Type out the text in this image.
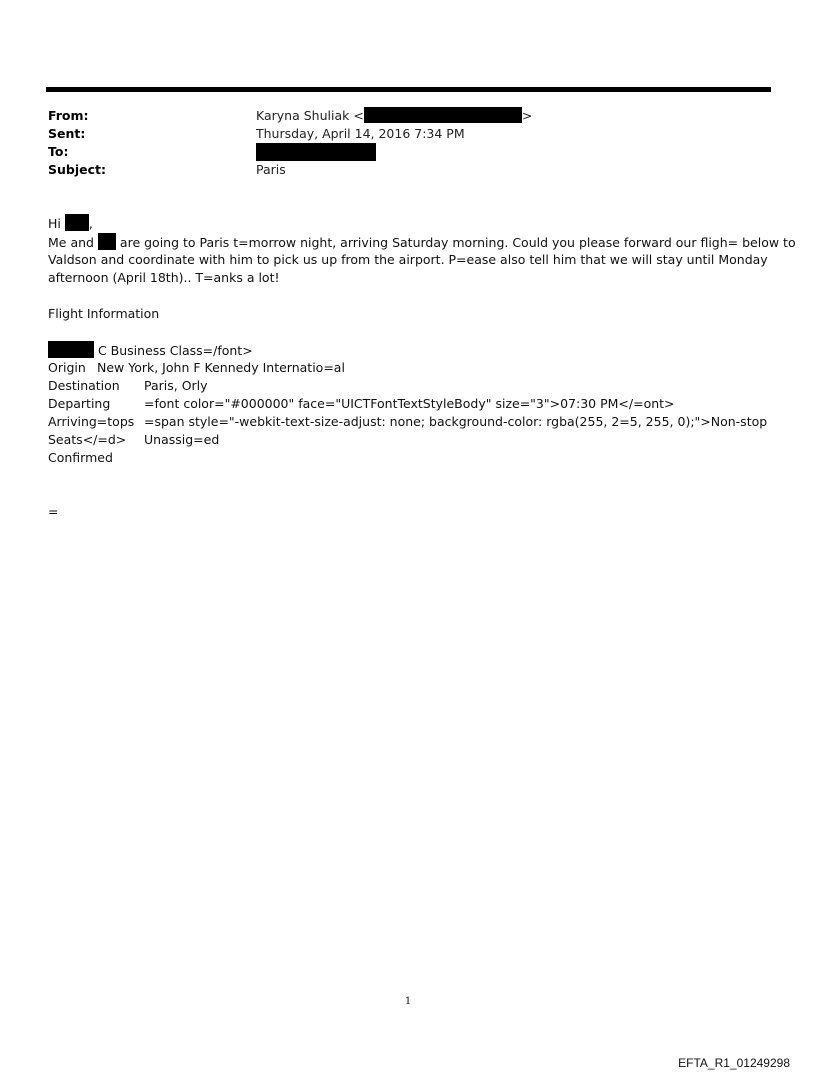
From:	Karyna Shuliak <	>
Sent:	Thursday, April 14, 2016 7:34 PM
To:
Subject:	Paris
Hi ,
Me and  are going to Paris t=morrow night, arriving Saturday morning. Could you please forward our fligh= below to
Valdson and coordinate with him to pick us up from the airport. P=ease also tell him that we will stay until Monday
afternoon (April 18th).. T=anks a lot!
Flight Information
C Business Class=/font>
Origin New York, John F Kennedy Internatio=al
Destination Paris, Orly
Departing	=font color="#000000" face="UICTFontTextStyleBody" size="3">07:30 PM</=ont>
Arriving=tops =span style="-webkit-text-size-adjust: none; background-color: rgba(255, 2=5, 255, 0);">Non-stop
Seats</=d> Unassig=ed
Confirmed
=
1
EFTA_R1_01249298
